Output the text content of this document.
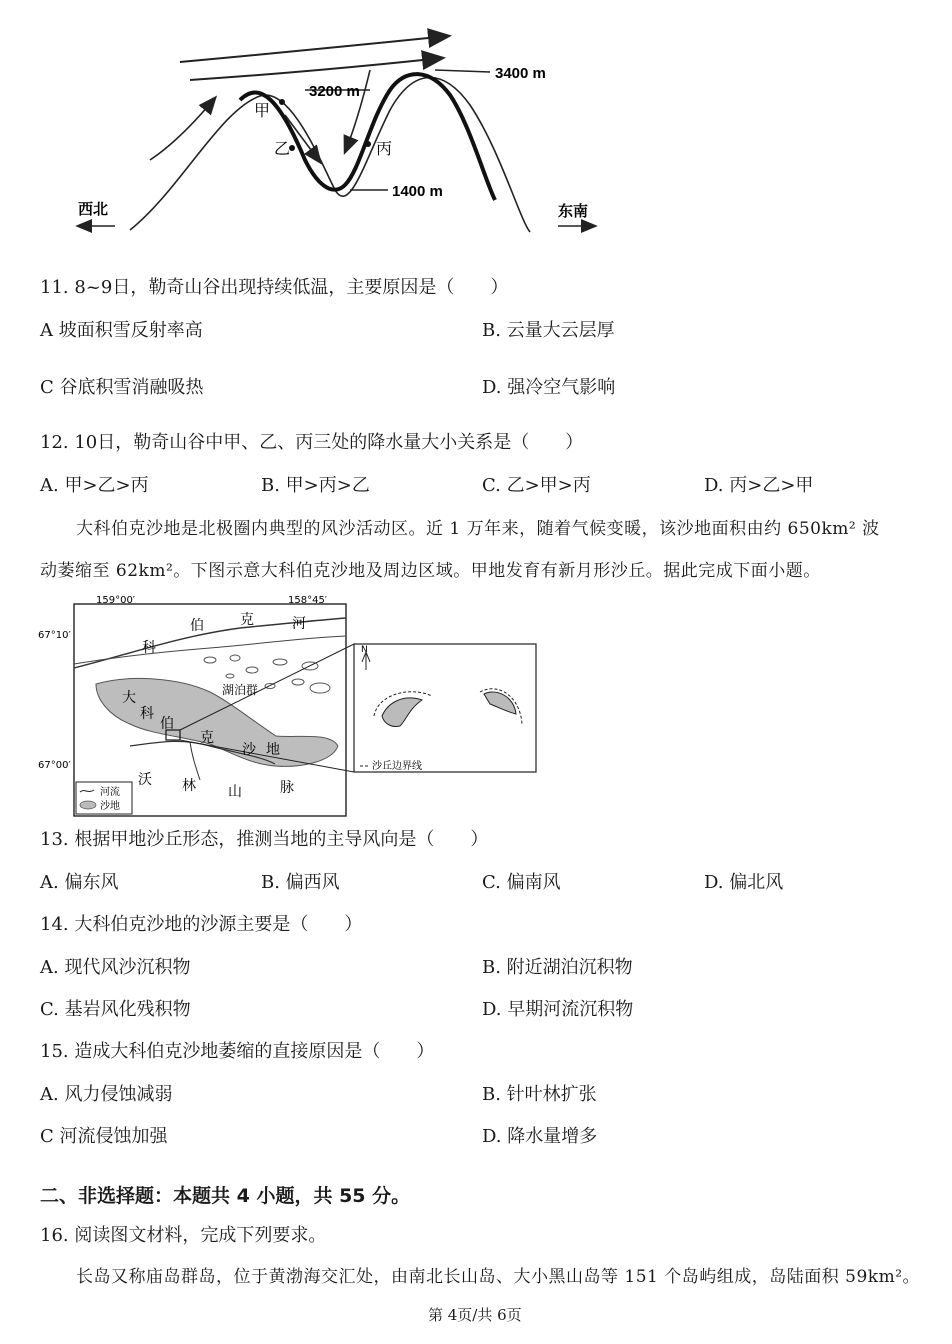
3200 m
3400 m
1400 m
甲
乙	丙
西北	东南
11. 8~9日，勒奇山谷出现持续低温，主要原因是（　　）
A 坡面积雪反射率高	B. 云量大云层厚
C 谷底积雪消融吸热	D. 强冷空气影响
12. 10日，勒奇山谷中甲、乙、丙三处的降水量大小关系是（　　）
A. 甲>乙>丙	B. 甲>丙>乙	C. 乙>甲>丙	D. 丙>乙>甲
大科伯克沙地是北极圈内典型的风沙活动区。近 1 万年来，随着气候变暖，该沙地面积由约 650km² 波
动萎缩至 62km²。下图示意大科伯克沙地及周边区域。甲地发育有新月形沙丘。据此完成下面小题。
N
沙丘边界线
159°00′	158°45′
67°10′
67°00′
科
伯	克	河
湖泊群
大
科
伯
克
沙 地
沃 林 山	脉
河流
沙地
13. 根据甲地沙丘形态，推测当地的主导风向是（　　）
A. 偏东风	B. 偏西风	C. 偏南风	D. 偏北风
14. 大科伯克沙地的沙源主要是（　　）
A. 现代风沙沉积物	B. 附近湖泊沉积物
C. 基岩风化残积物	D. 早期河流沉积物
15. 造成大科伯克沙地萎缩的直接原因是（　　）
A. 风力侵蚀减弱	B. 针叶林扩张
C 河流侵蚀加强	D. 降水量增多
二、非选择题：本题共 4 小题，共 55 分。
16. 阅读图文材料，完成下列要求。
长岛又称庙岛群岛，位于黄渤海交汇处，由南北长山岛、大小黑山岛等 151 个岛屿组成，岛陆面积 59km²。
第 4页/共 6页
